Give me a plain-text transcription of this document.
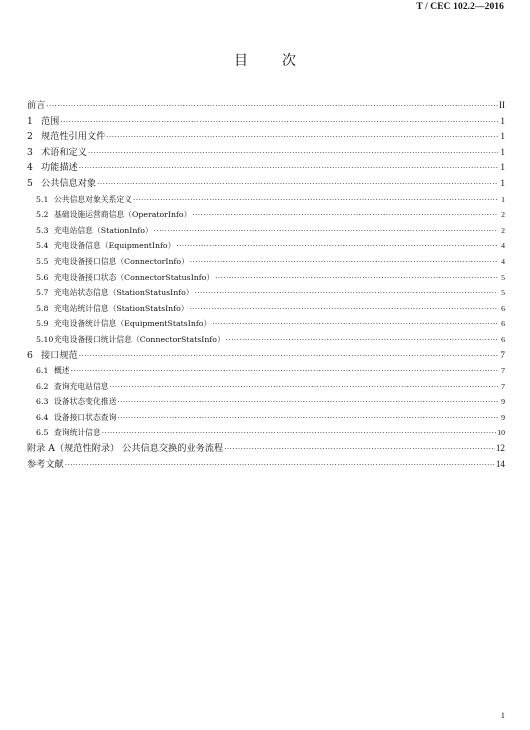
T / CEC 102.2—2016
目 次
前言 ·····	II
1 范围 ·····	1
2 规范性引用文件 ·····	1
3 术语和定义 ·····	1
4 功能描述 ·····	1
5 公共信息对象 ·····	1
5.1 公共信息对象关系定义 ·····	1
5.2 基础设施运营商信息（OperatorInfo） ·····	2
5.3 充电站信息（StationInfo） ·····	2
5.4 充电设备信息（EquipmentInfo） ·····	4
5.5 充电设备接口信息（ConnectorInfo） ·····	4
5.6 充电设备接口状态（ConnectorStatusInfo） ·····	5
5.7 充电站状态信息（StationStatusInfo） ·····	5
5.8 充电站统计信息（StationStatsInfo） ·····	6
5.9 充电设备统计信息（EquipmentStatsInfo） ·····	6
5.10 充电设备接口统计信息（ConnectorStatsInfo） ·····	6
6 接口规范 ·····	7
6.1 概述 ·····	7
6.2 查询充电站信息 ·····	7
6.3 设备状态变化推送 ·····	9
6.4 设备接口状态查询 ·····	9
6.5 查询统计信息 ·····	10
附录 A（规范性附录） 公共信息交换的业务流程 ·····	12
参考文献 ·····	14
1
